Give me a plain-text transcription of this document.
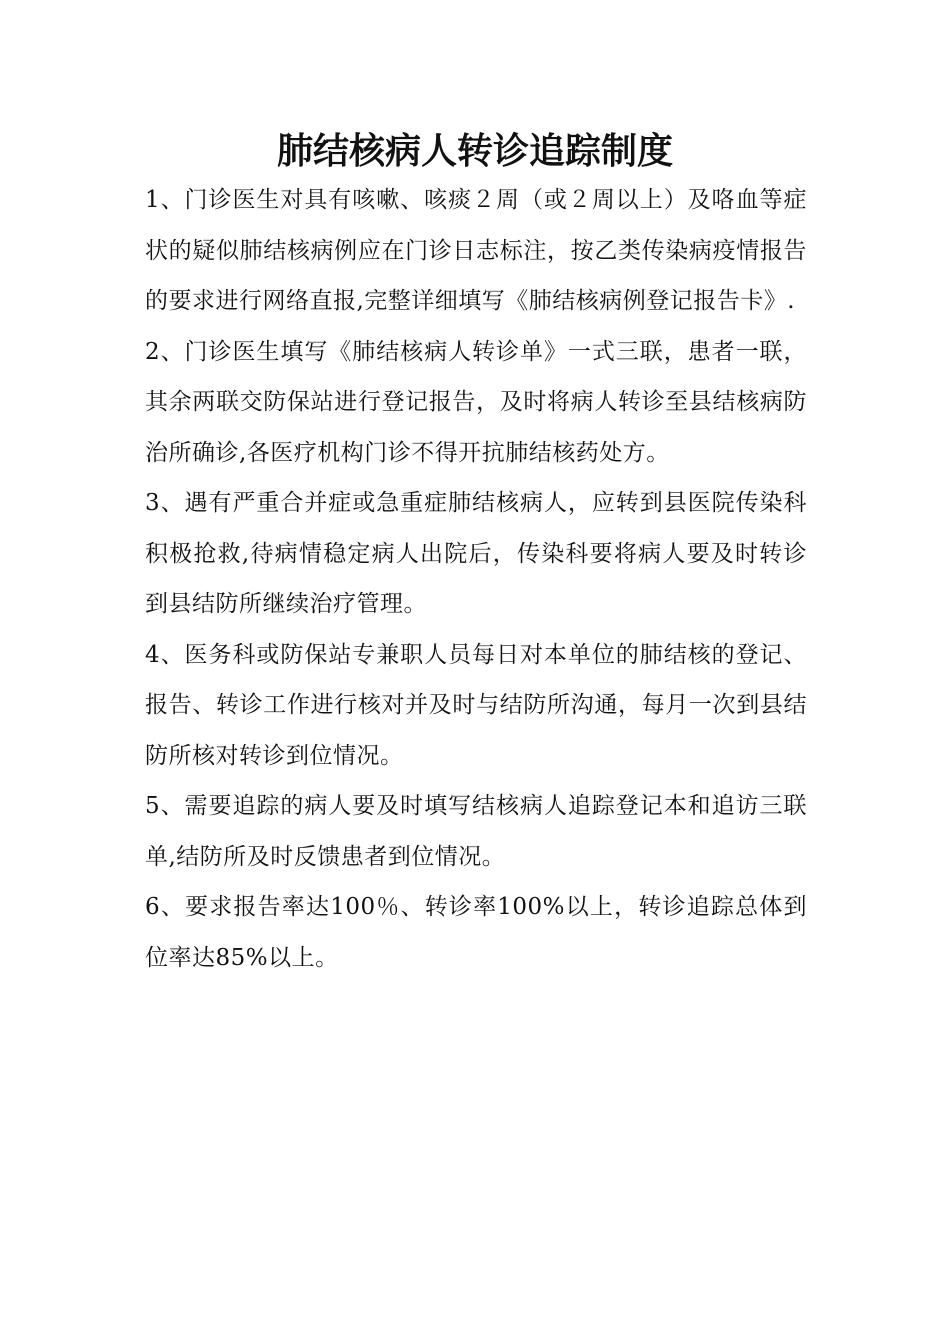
肺结核病人转诊追踪制度

1、门诊医生对具有咳嗽、咳痰２周（或２周以上）及咯血等症状的疑似肺结核病例应在门诊日志标注，按乙类传染病疫情报告的要求进行网络直报,完整详细填写《肺结核病例登记报告卡》.

2、门诊医生填写《肺结核病人转诊单》一式三联，患者一联，其余两联交防保站进行登记报告，及时将病人转诊至县结核病防治所确诊,各医疗机构门诊不得开抗肺结核药处方。

3、遇有严重合并症或急重症肺结核病人，应转到县医院传染科积极抢救,待病情稳定病人出院后，传染科要将病人要及时转诊到县结防所继续治疗管理。

4、医务科或防保站专兼职人员每日对本单位的肺结核的登记、报告、转诊工作进行核对并及时与结防所沟通，每月一次到县结防所核对转诊到位情况。

5、需要追踪的病人要及时填写结核病人追踪登记本和追访三联单,结防所及时反馈患者到位情况。

6、要求报告率达100％、转诊率100%以上，转诊追踪总体到位率达85%以上。
